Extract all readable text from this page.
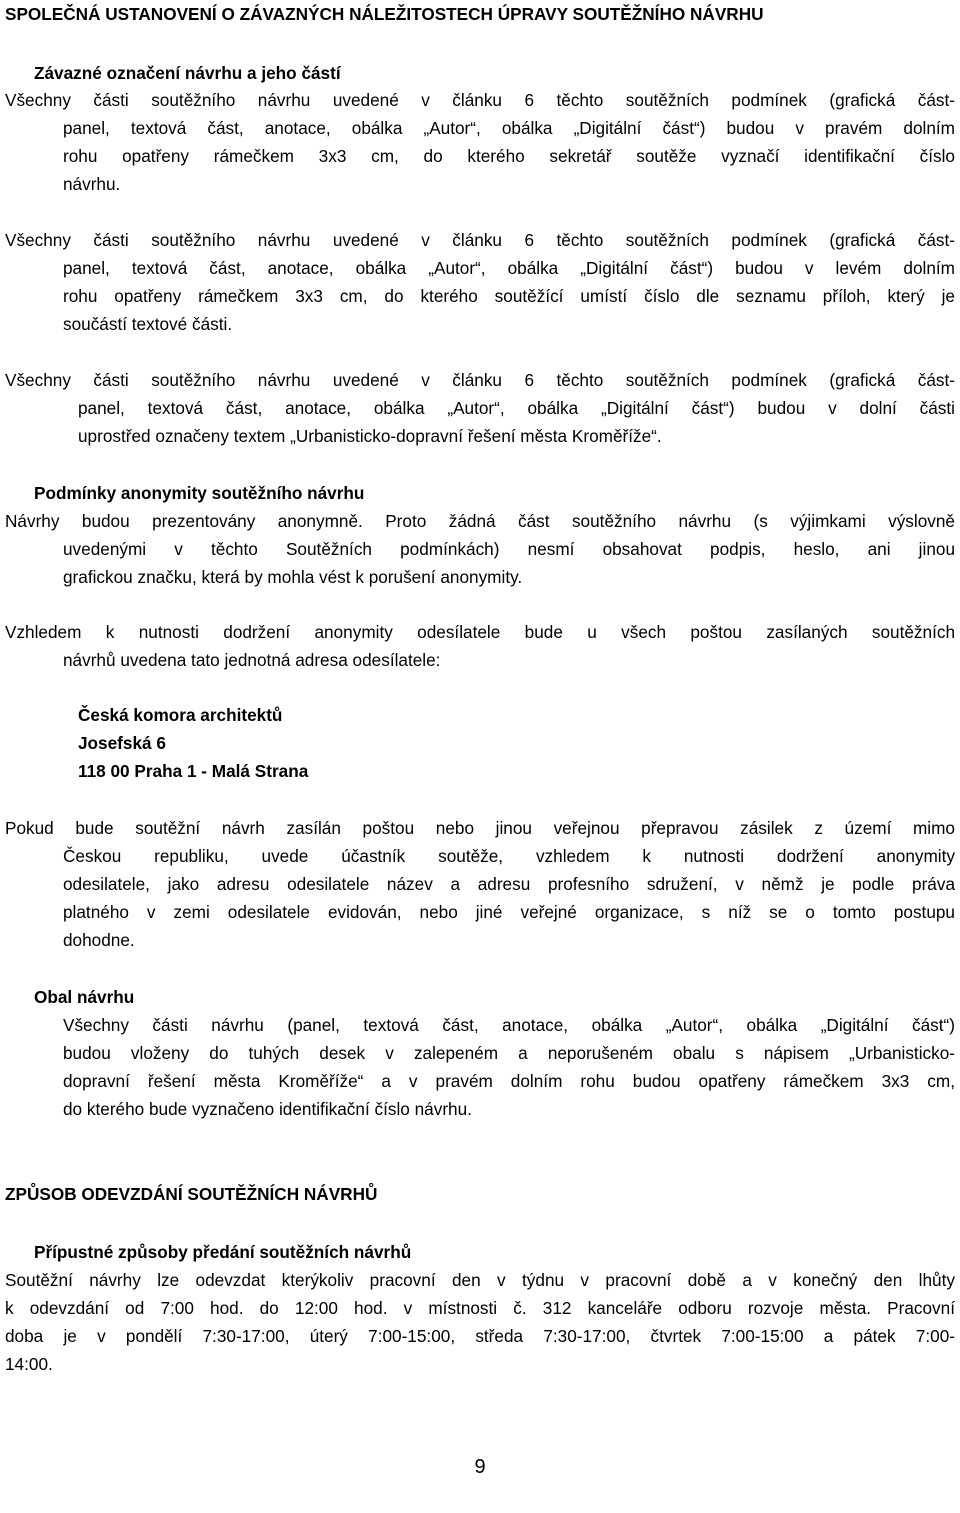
SPOLEČNÁ USTANOVENÍ O ZÁVAZNÝCH NÁLEŽITOSTECH ÚPRAVY SOUTĚŽNÍHO NÁVRHU
Závazné označení návrhu a jeho částí
Všechny části soutěžního návrhu uvedené v článku 6 těchto soutěžních podmínek (grafická část-
panel, textová část, anotace, obálka „Autor“, obálka „Digitální část“) budou v pravém dolním
rohu opatřeny rámečkem 3x3 cm, do kterého sekretář soutěže vyznačí identifikační číslo
návrhu.
Všechny části soutěžního návrhu uvedené v článku 6 těchto soutěžních podmínek (grafická část-
panel, textová část, anotace, obálka „Autor“, obálka „Digitální část“) budou v levém dolním
rohu opatřeny rámečkem 3x3 cm, do kterého soutěžící umístí číslo dle seznamu příloh, který je
součástí textové části.
Všechny části soutěžního návrhu uvedené v článku 6 těchto soutěžních podmínek (grafická část-
panel, textová část, anotace, obálka „Autor“, obálka „Digitální část“) budou v dolní části
uprostřed označeny textem „Urbanisticko-dopravní řešení města Kroměříže“.
Podmínky anonymity soutěžního návrhu
Návrhy budou prezentovány anonymně. Proto žádná část soutěžního návrhu (s výjimkami výslovně
uvedenými v těchto Soutěžních podmínkách) nesmí obsahovat podpis, heslo, ani jinou
grafickou značku, která by mohla vést k porušení anonymity.
Vzhledem k nutnosti dodržení anonymity odesílatele bude u všech poštou zasílaných soutěžních
návrhů uvedena tato jednotná adresa odesílatele:
Česká komora architektů
Josefská 6
118 00 Praha 1 - Malá Strana
Pokud bude soutěžní návrh zasílán poštou nebo jinou veřejnou přepravou zásilek z území mimo
Českou republiku, uvede účastník soutěže, vzhledem k nutnosti dodržení anonymity
odesilatele, jako adresu odesilatele název a adresu profesního sdružení, v němž je podle práva
platného v zemi odesilatele evidován, nebo jiné veřejné organizace, s níž se o tomto postupu
dohodne.
Obal návrhu
Všechny části návrhu (panel, textová část, anotace, obálka „Autor“, obálka „Digitální část“)
budou vloženy do tuhých desek v zalepeném a neporušeném obalu s nápisem „Urbanisticko-
dopravní řešení města Kroměříže“ a v pravém dolním rohu budou opatřeny rámečkem 3x3 cm,
do kterého bude vyznačeno identifikační číslo návrhu.
ZPŮSOB ODEVZDÁNÍ SOUTĚŽNÍCH NÁVRHŮ
Přípustné způsoby předání soutěžních návrhů
Soutěžní návrhy lze odevzdat kterýkoliv pracovní den v týdnu v pracovní době a v konečný den lhůty
k odevzdání od 7:00 hod. do 12:00 hod. v místnosti č. 312 kanceláře odboru rozvoje města. Pracovní
doba je v pondělí 7:30-17:00, úterý 7:00-15:00, středa 7:30-17:00, čtvrtek 7:00-15:00 a pátek 7:00-
14:00.
9
